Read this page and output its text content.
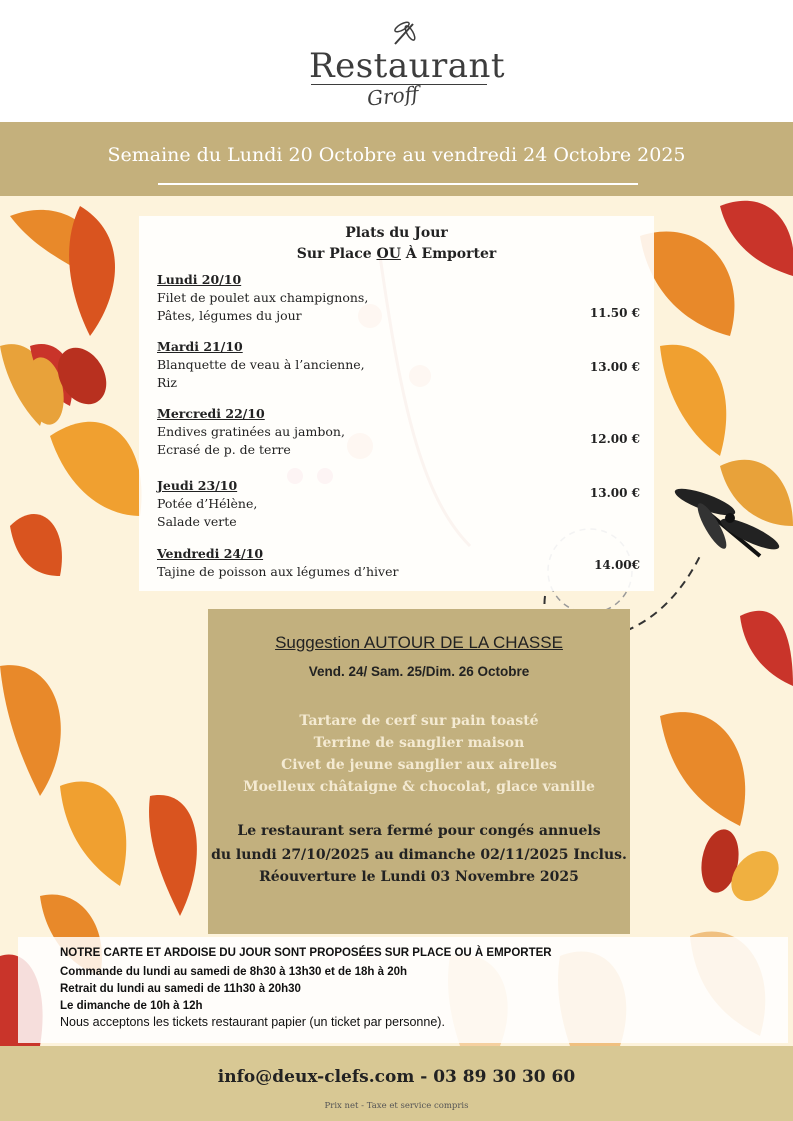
Restaurant
Groff
Semaine du Lundi 20 Octobre au vendredi 24 Octobre 2025
Plats du Jour
Sur Place OU À Emporter
Lundi 20/10
Filet de poulet aux champignons,
Pâtes, légumes du jour	11.50 €
Mardi 21/10
Blanquette de veau à l’ancienne,
Riz
13.00 €
Mercredi 22/10
Endives gratinées au jambon,
Ecrasé de p. de terre
12.00 €
Jeudi 23/10
Potée d’Hélène,
Salade verte
13.00 €
Vendredi 24/10
Tajine de poisson aux légumes d’hiver	14.00€
Suggestion AUTOUR DE LA CHASSE
Vend. 24/ Sam. 25/Dim. 26 Octobre
Tartare de cerf sur pain toasté
Terrine de sanglier maison
Civet de jeune sanglier aux airelles
Moelleux châtaigne & chocolat, glace vanille
Le restaurant sera fermé pour congés annuels
du lundi 27/10/2025 au dimanche 02/11/2025 Inclus.
Réouverture le Lundi 03 Novembre 2025
NOTRE CARTE ET ARDOISE DU JOUR SONT PROPOSÉES SUR PLACE OU À EMPORTER
Commande du lundi au samedi de 8h30 à 13h30 et de 18h à 20h
Retrait du lundi au samedi de 11h30 à 20h30
Le dimanche de 10h à 12h
Nous acceptons les tickets restaurant papier (un ticket par personne).
info@deux-clefs.com - 03 89 30 30 60
Prix net - Taxe et service compris
